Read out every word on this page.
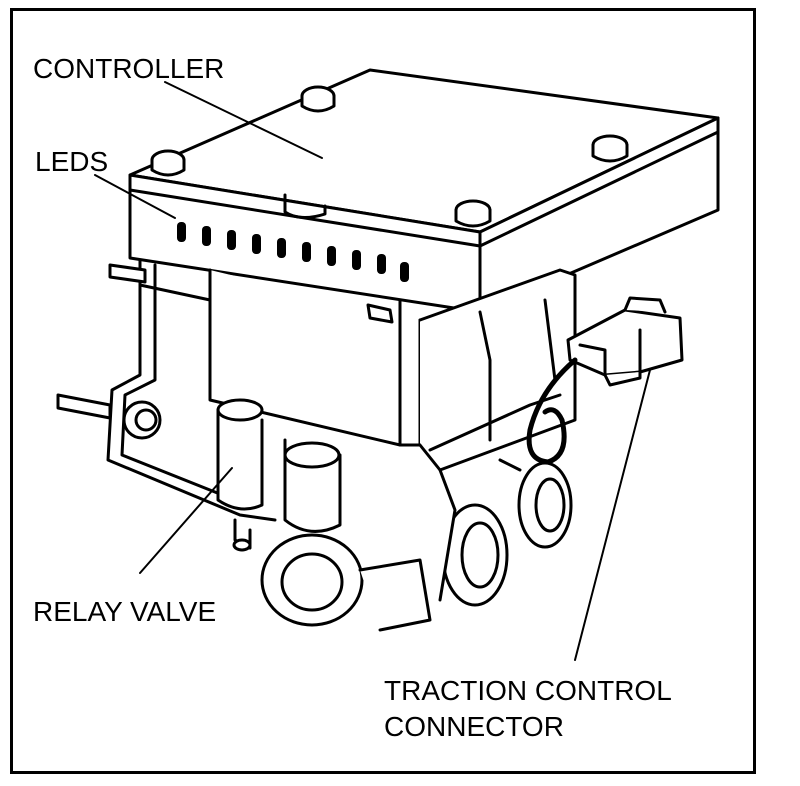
CONTROLLER
LEDS
RELAY VALVE
TRACTION CONTROL
CONNECTOR
